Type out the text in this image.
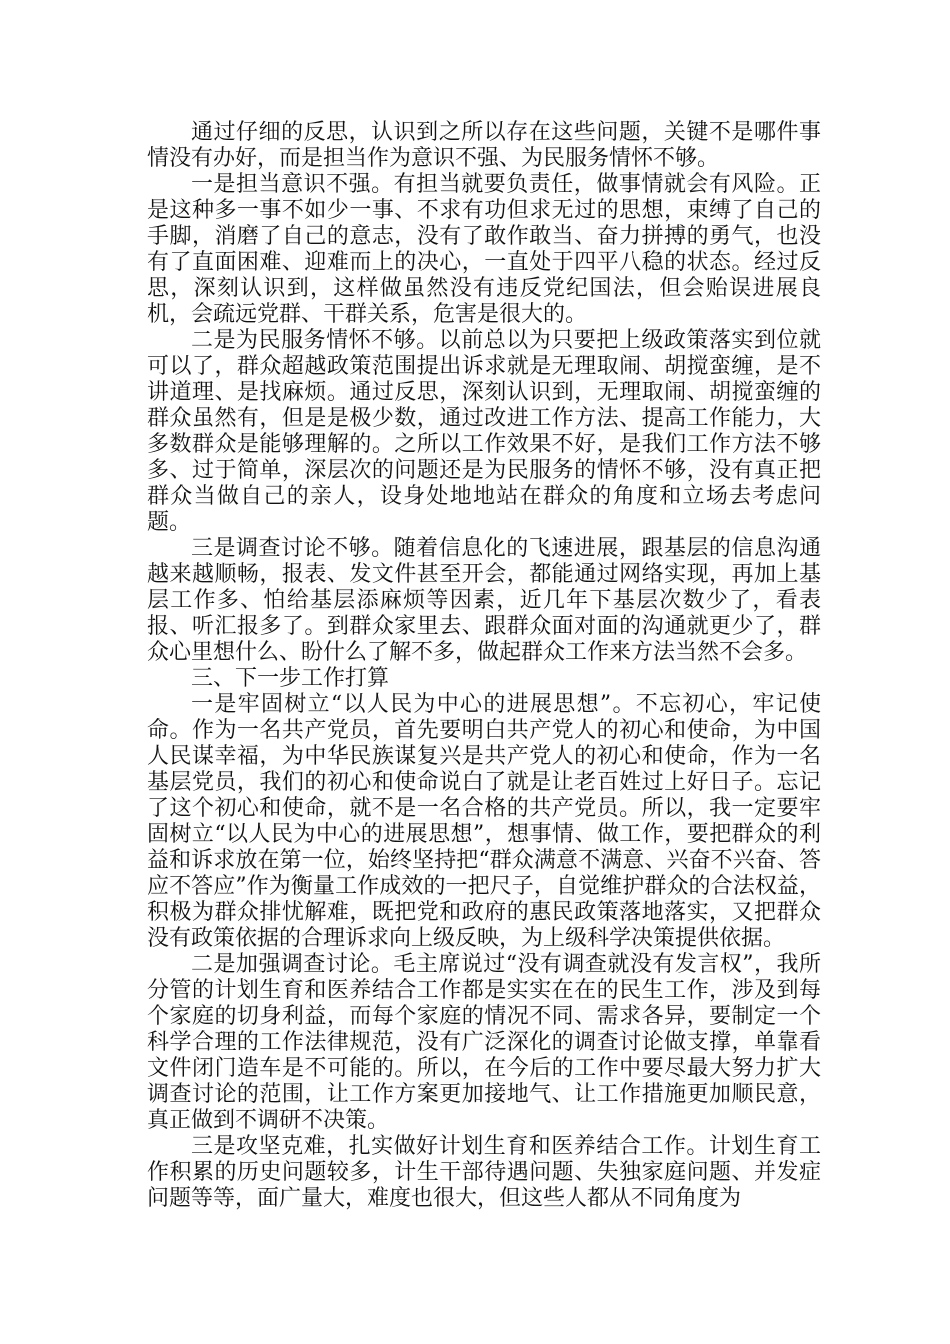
通过仔细的反思，认识到之所以存在这些问题，关键不是哪件事情没有办好，而是担当作为意识不强、为民服务情怀不够。

一是担当意识不强。有担当就要负责任，做事情就会有风险。正是这种多一事不如少一事、不求有功但求无过的思想，束缚了自己的手脚，消磨了自己的意志，没有了敢作敢当、奋力拼搏的勇气，也没有了直面困难、迎难而上的决心，一直处于四平八稳的状态。经过反思，深刻认识到，这样做虽然没有违反党纪国法，但会贻误进展良机，会疏远党群、干群关系，危害是很大的。

二是为民服务情怀不够。以前总以为只要把上级政策落实到位就可以了，群众超越政策范围提出诉求就是无理取闹、胡搅蛮缠，是不讲道理、是找麻烦。通过反思，深刻认识到，无理取闹、胡搅蛮缠的群众虽然有，但是是极少数，通过改进工作方法、提高工作能力，大多数群众是能够理解的。之所以工作效果不好，是我们工作方法不够多、过于简单，深层次的问题还是为民服务的情怀不够，没有真正把群众当做自己的亲人，设身处地地站在群众的角度和立场去考虑问题。

三是调查讨论不够。随着信息化的飞速进展，跟基层的信息沟通越来越顺畅，报表、发文件甚至开会，都能通过网络实现，再加上基层工作多、怕给基层添麻烦等因素，近几年下基层次数少了，看表报、听汇报多了。到群众家里去、跟群众面对面的沟通就更少了，群众心里想什么、盼什么了解不多，做起群众工作来方法当然不会多。

三、下一步工作打算

一是牢固树立“以人民为中心的进展思想”。不忘初心，牢记使命。作为一名共产党员，首先要明白共产党人的初心和使命，为中国人民谋幸福，为中华民族谋复兴是共产党人的初心和使命，作为一名基层党员，我们的初心和使命说白了就是让老百姓过上好日子。忘记了这个初心和使命，就不是一名合格的共产党员。所以，我一定要牢固树立“以人民为中心的进展思想”，想事情、做工作，要把群众的利益和诉求放在第一位，始终坚持把“群众满意不满意、兴奋不兴奋、答应不答应”作为衡量工作成效的一把尺子，自觉维护群众的合法权益，积极为群众排忧解难，既把党和政府的惠民政策落地落实，又把群众没有政策依据的合理诉求向上级反映，为上级科学决策提供依据。

二是加强调查讨论。毛主席说过“没有调查就没有发言权”，我所分管的计划生育和医养结合工作都是实实在在的民生工作，涉及到每个家庭的切身利益，而每个家庭的情况不同、需求各异，要制定一个科学合理的工作法律规范，没有广泛深化的调查讨论做支撑，单靠看文件闭门造车是不可能的。所以，在今后的工作中要尽最大努力扩大调查讨论的范围，让工作方案更加接地气、让工作措施更加顺民意，真正做到不调研不决策。

三是攻坚克难，扎实做好计划生育和医养结合工作。计划生育工作积累的历史问题较多，计生干部待遇问题、失独家庭问题、并发症问题等等，面广量大，难度也很大，但这些人都从不同角度为
